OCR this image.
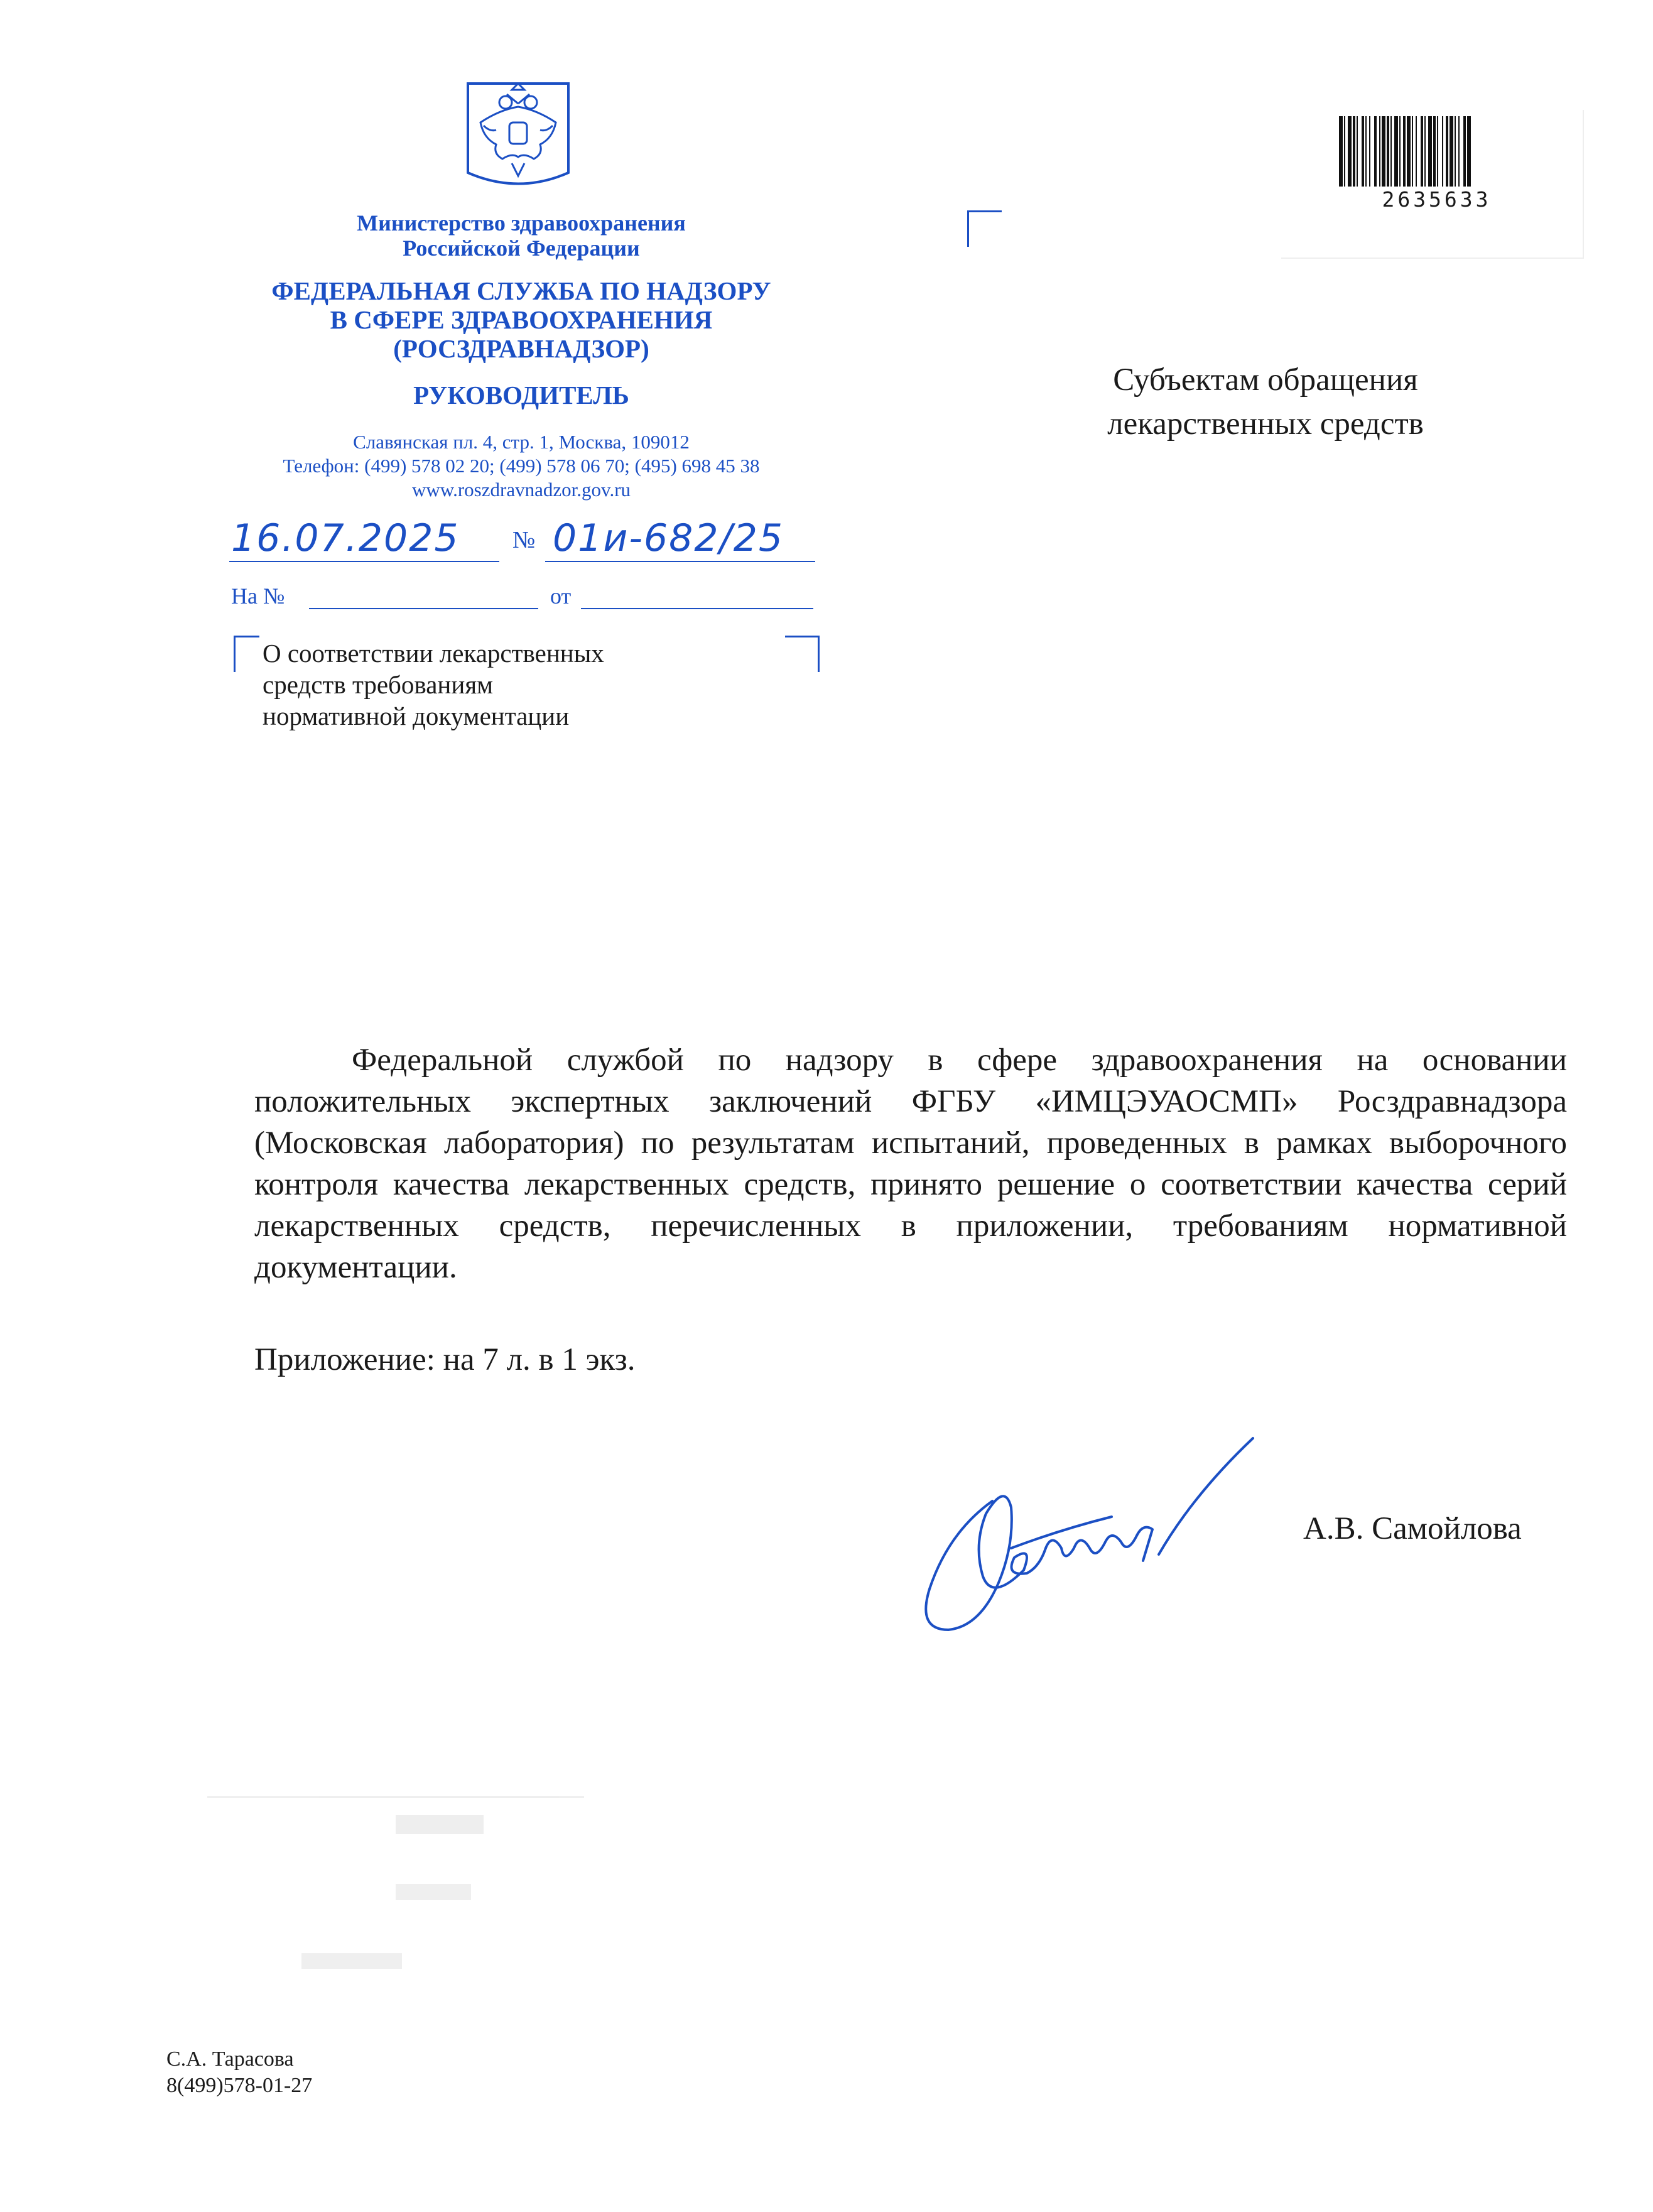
Министерство здравоохранения
Российской Федерации
ФЕДЕРАЛЬНАЯ СЛУЖБА ПО НАДЗОРУ
В СФЕРЕ ЗДРАВООХРАНЕНИЯ
(РОСЗДРАВНАДЗОР)
РУКОВОДИТЕЛЬ
Славянская пл. 4, стр. 1, Москва, 109012
Телефон: (499) 578 02 20; (499) 578 06 70; (495) 698 45 38
www.roszdravnadzor.gov.ru
16.07.2025 № 01и-682/25
На №	от
О соответствии лекарственных
средств требованиям
нормативной документации
Субъектам обращения
лекарственных средств
2635633
Федеральной службой по надзору в сфере здравоохранения на основании положительных экспертных заключений ФГБУ «ИМЦЭУАОСМП» Росздравнадзора (Московская лаборатория) по результатам испытаний, проведенных в рамках выборочного контроля качества лекарственных средств, принято решение о соответствии качества серий лекарственных средств, перечисленных в приложении, требованиям нормативной документации.
Приложение: на 7 л. в 1 экз.
А.В. Самойлова
С.А. Тарасова
8(499)578-01-27
